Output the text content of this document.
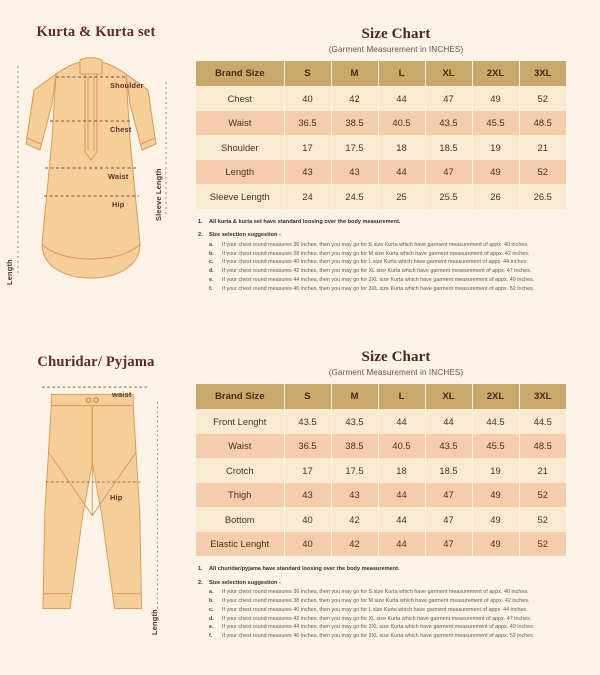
Kurta & Kurta set
Shoulder
Chest
Waist
Hip
Length
Sleeve Length
Size Chart
(Garment Measurement in INCHES)
Brand Size	S	M	L	XL	2XL	3XL
Chest	40	42	44	47	49	52
Waist	36.5	38.5	40.5	43.5	45.5	48.5
Shoulder	17	17.5	18	18.5	19	21
Length	43	43	44	47	49	52
Sleeve Length	24	24.5	25	25.5	26	26.5
1.	All kurta & kurta set have standard loosing over the body measurement.
2.	Size selection suggestion -
a.	If your chest round measures 36 inches, then you may go for S size Kurta which have garment measurement of appx. 40 inches.
b.	If your chest round measures 38 inches, then you may go for M size Kurta which have garment measurement of appx. 42 inches.
c.	If your chest round measures 40 inches, then you may go for L size Kurta which have garment measurement of appx. 44 inches.
d.	If your chest round measures 42 inches, then you may go for XL size Kurta which have garment measurement of appx. 47 inches.
e.	If your chest round measures 44 inches, then you may go for 2XL size Kurta which have garment measurement of appx. 49 inches.
f.	If your chest round measures 46 inches, then you may go for 3XL size Kurta which have garment measurement of appx. 52 inches.
Churidar/ Pyjama
waist
Hip
Length
Size Chart
(Garment Measurement in INCHES)
Brand Size	S	M	L	XL	2XL	3XL
Front Lenght	43.5	43.5	44	44	44.5	44.5
Waist	36.5	38.5	40.5	43.5	45.5	48.5
Crotch	17	17.5	18	18.5	19	21
Thigh	43	43	44	47	49	52
Bottom	40	42	44	47	49	52
Elastic Lenght	40	42	44	47	49	52
1.	All churidar/pyjama have standard loosing over the body measurement.
2.	Size selection suggestion -
a.	If your chest round measures 36 inches, then you may go for S size Kurta which have garment measurement of appx. 40 inches.
b.	If your chest round measures 38 inches, then you may go for M size Kurta which have garment measurement of appx. 42 inches.
c.	If your chest round measures 40 inches, then you may go for L size Kurta which have garment measurement of appx. 44 inches.
d.	If your chest round measures 42 inches, then you may go for XL size Kurta which have garment measurement of appx. 47 inches.
e.	If your chest round measures 44 inches, then you may go for 2XL size Kurta which have garment measurement of appx. 49 inches.
f.	If your chest round measures 46 inches, then you may go for 3XL size Kurta which have garment measurement of appx. 52 inches.
